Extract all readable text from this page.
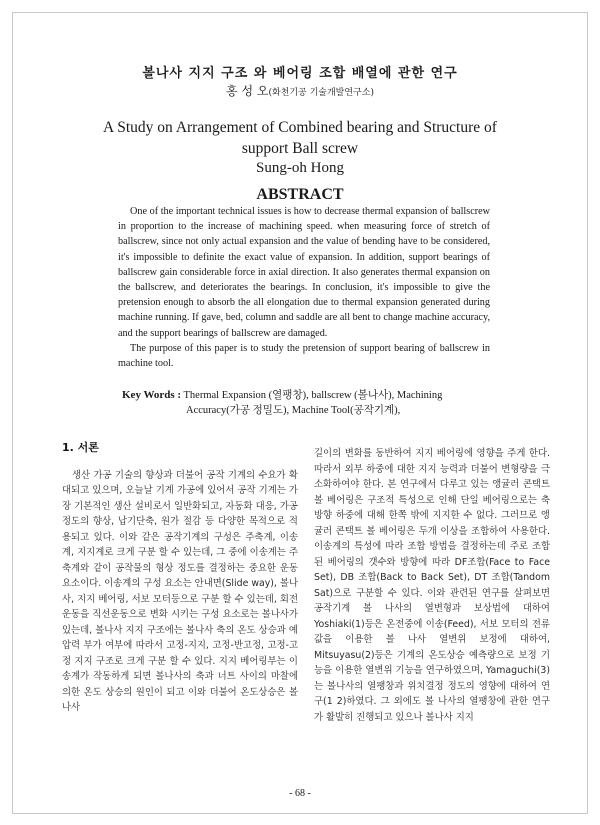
볼나사 지지 구조 와 베어링 조합 배열에 관한 연구
홍 성 오(화천기공 기술개발연구소)
A Study on Arrangement of Combined bearing and Structure of support Ball screw
Sung-oh Hong
ABSTRACT

One of the important technical issues is how to decrease thermal expansion of ballscrew in proportion to the increase of machining speed. when measuring force of stretch of ballscrew, since not only actual expansion and the value of bending have to be considered, it's impossible to definite the exact value of expansion. In addition, support bearings of ballscrew gain considerable force in axial direction. It also generates thermal expansion on the ballscrew, and deteriorates the bearings. In conclusion, it's impossible to give the pretension enough to absorb the all elongation due to thermal expansion generated during machine running. If gave, bed, column and saddle are all bent to change machine accuracy, and the support bearings of ballscrew are damaged.

The purpose of this paper is to study the pretension of support bearing of ballscrew in machine tool.

Key Words : Thermal Expansion (열팽창), ballscrew (볼나사), Machining
Accuracy(가공 정밀도), Machine Tool(공작기계),
1. 서론

생산 가공 기술의 향상과 더불어 공작 기계의 수요가 확대되고 있으며, 오늘날 기계 가공에 있어서 공작 기계는 가장 기본적인 생산 설비로서 일반화되고, 자동화 대응, 가공 정도의 향상, 납기단축, 원가 절감 등 다양한 목적으로 적용되고 있다. 이와 같은 공작기계의 구성은 주축계, 이송계, 지지계로 크게 구분 할 수 있는데, 그 중에 이송계는 주축계와 같이 공작물의 형상 정도를 결정하는 중요한 운동 요소이다. 이송계의 구성 요소는 안내면(Slide way), 볼나사, 지지 베어링, 서보 모터등으로 구분 할 수 있는데, 회전 운동을 직선운동으로 변화 시키는 구성 요소로는 볼나사가 있는데, 볼나사 지지 구조에는 볼나사 축의 온도 상승과 예압력 부가 여부에 따라서 고정-지지, 고정-반고정, 고정-고정 지지 구조로 크게 구분 할 수 있다. 지지 베어링부는 이송계가 작동하게 되면 볼나사의 축과 너트 사이의 마찰에 의한 온도 상승의 원인이 되고 이와 더불어 온도상승은 볼나사

길이의 변화를 동반하여 지지 베어링에 영향을 주게 한다. 따라서 외부 하중에 대한 지지 능력과 더불어 변형량을 극소화하여야 한다. 본 연구에서 다루고 있는 앵귤러 콘택트 볼 베어링은 구조적 특성으로 인해 단일 베어링으로는 축 방향 하중에 대해 한쪽 밖에 지지한 수 없다. 그러므로 앵귤러 콘택트 볼 베어링은 두개 이상을 조합하여 사용한다. 이송계의 특성에 따라 조합 방법을 결정하는데 주로 조합된 베어링의 갯수와 방향에 따라 DF조합(Face to Face Set), DB 조합(Back to Back Set), DT 조합(Tandom Sat)으로 구분할 수 있다. 이와 관련된 연구를 살펴보면 공작기계 볼 나사의 열변형과 보상법에 대하여 Yoshiaki(1)등은 온전중에 이송(Feed), 서보 모터의 전류 값을 이용한 볼 나사 열변위 보정에 대하여, Mitsuyasu(2)등은 기계의 온도상승 예측량으로 보정 기능을 이용한 열변위 기능을 연구하였으며, Yamaguchi(3)는 볼나사의 열팽창과 위치결정 정도의 영향에 대하여 연구(1 2)하였다. 그 외에도 볼 나사의 열팽창에 관한 연구가 활발히 진행되고 있으나 볼나사 지지

- 68 -
